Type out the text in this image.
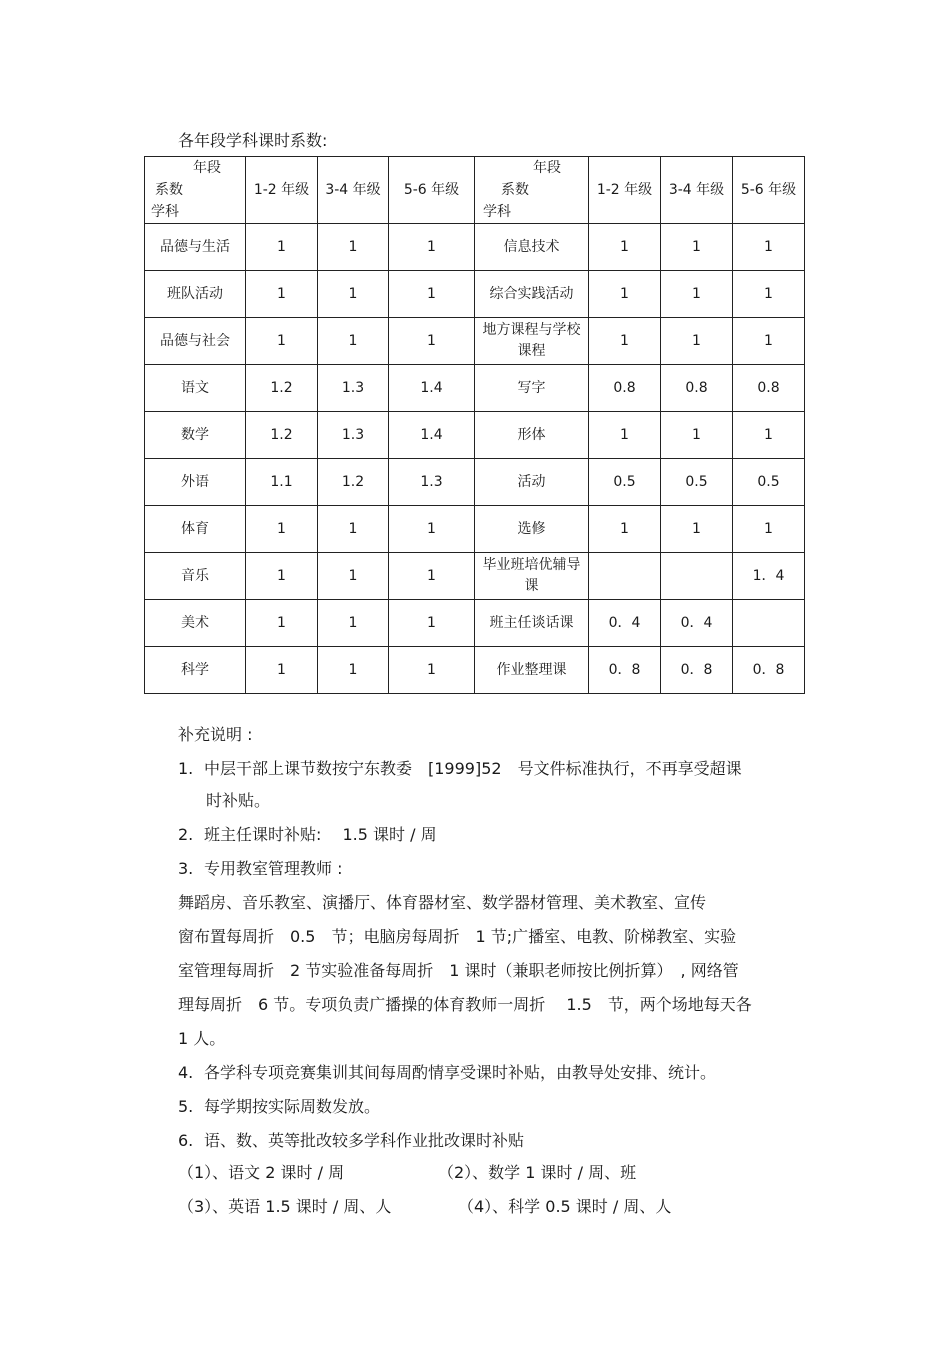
各年段学科课时系数:
年段
系数
学科	1-2 年级	3-4 年级	5-6 年级	年段
系数
学科	1-2 年级	3-4 年级	5-6 年级
品德与生活	1	1	1	信息技术	1	1	1
班队活动	1	1	1	综合实践活动	1	1	1
品德与社会	1	1	1	地方课程与学校课程	1	1	1
语文	1.2	1.3	1.4	写字	0.8	0.8	0.8
数学	1.2	1.3	1.4	形体	1	1	1
外语	1.1	1.2	1.3	活动	0.5	0.5	0.5
体育	1	1	1	选修	1	1	1
音乐	1	1	1	毕业班培优辅导课			1．4
美术	1	1	1	班主任谈话课	0．4	0．4	
科学	1	1	1	作业整理课	0．8	0．8	0．8
补充说明 :
1. 中层干部上课节数按宁东教委　[1999]52　号文件标准执行，不再享受超课
时补贴。
2. 班主任课时补贴:　 1.5 课时 / 周
3. 专用教室管理教师 :
舞蹈房、音乐教室、演播厅、体育器材室、数学器材管理、美术教室、宣传
窗布置每周折　0.5　节；电脑房每周折　1 节;广播室、电教、阶梯教室、实验
室管理每周折　2 节实验准备每周折　1 课时（兼职老师按比例折算）　, 网络管
理每周折　6 节。专项负责广播操的体育教师一周折　 1.5　节，两个场地每天各
1 人。
4. 各学科专项竞赛集训其间每周酌情享受课时补贴，由教导处安排、统计。
5. 每学期按实际周数发放。
6. 语、数、英等批改较多学科作业批改课时补贴
（1）、语文 2 课时 / 周	（2）、数学 1 课时 / 周、班
（3）、英语 1.5 课时 / 周、人	（4）、科学 0.5 课时 / 周、人
